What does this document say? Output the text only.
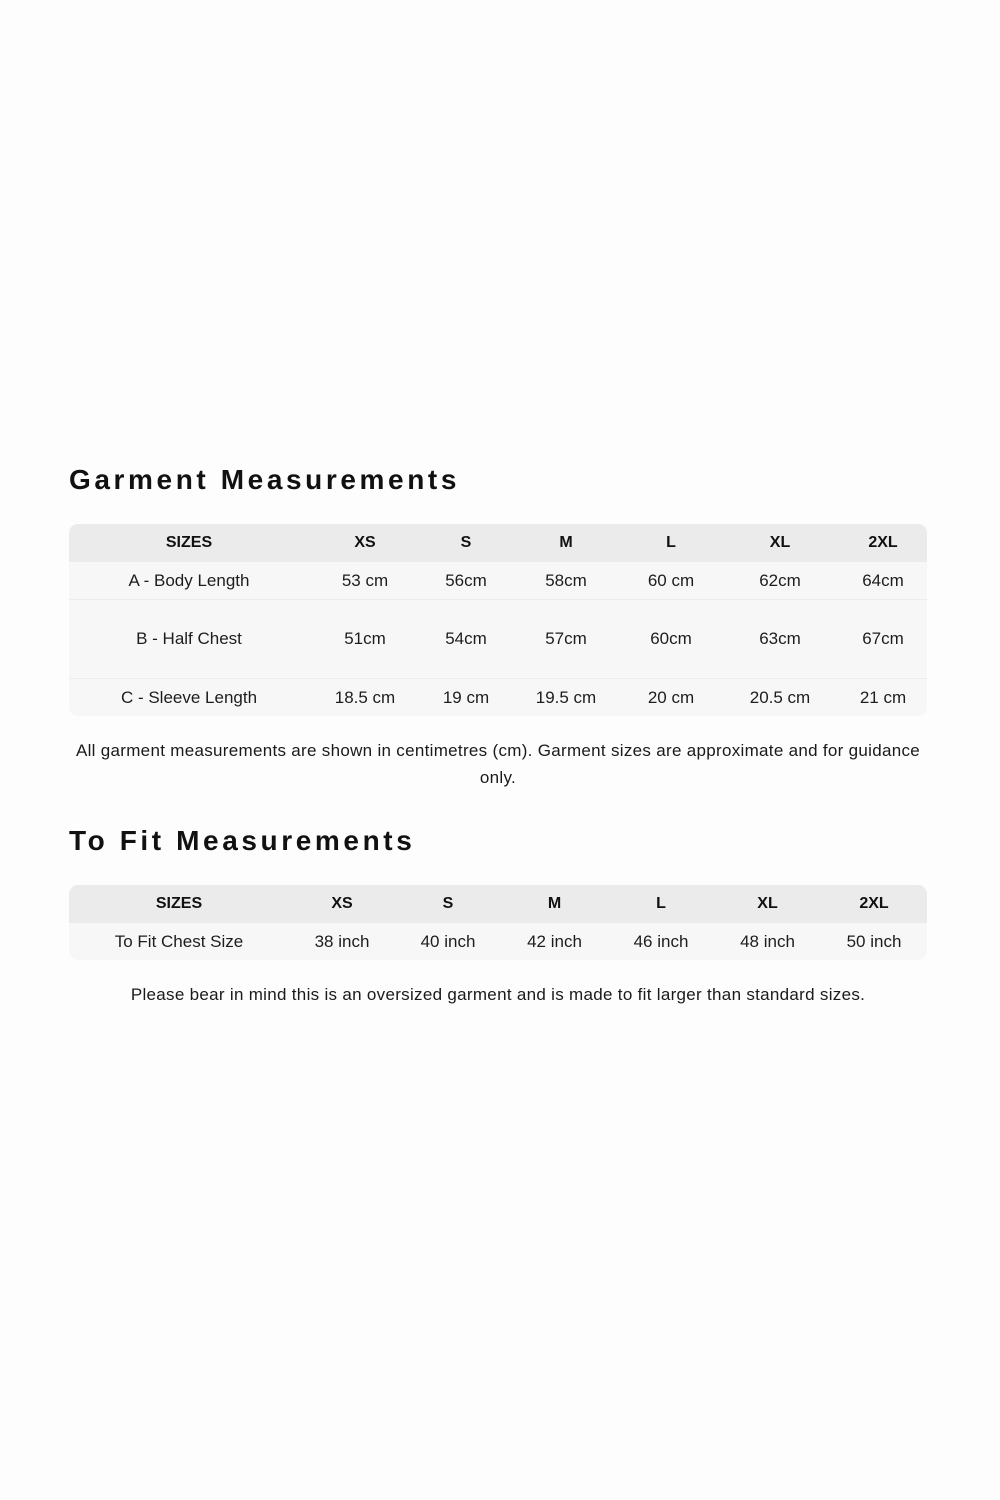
Garment Measurements
SIZES	XS	S	M	L	XL	2XL
A - Body Length	53 cm	56cm	58cm	60 cm	62cm	64cm
B - Half Chest	51cm	54cm	57cm	60cm	63cm	67cm
C - Sleeve Length	18.5 cm	19 cm	19.5 cm	20 cm	20.5 cm	21 cm

All garment measurements are shown in centimetres (cm). Garment sizes are approximate and for guidance only.

To Fit Measurements
SIZES	XS	S	M	L	XL	2XL
To Fit Chest Size	38 inch	40 inch	42 inch	46 inch	48 inch	50 inch

Please bear in mind this is an oversized garment and is made to fit larger than standard sizes.
